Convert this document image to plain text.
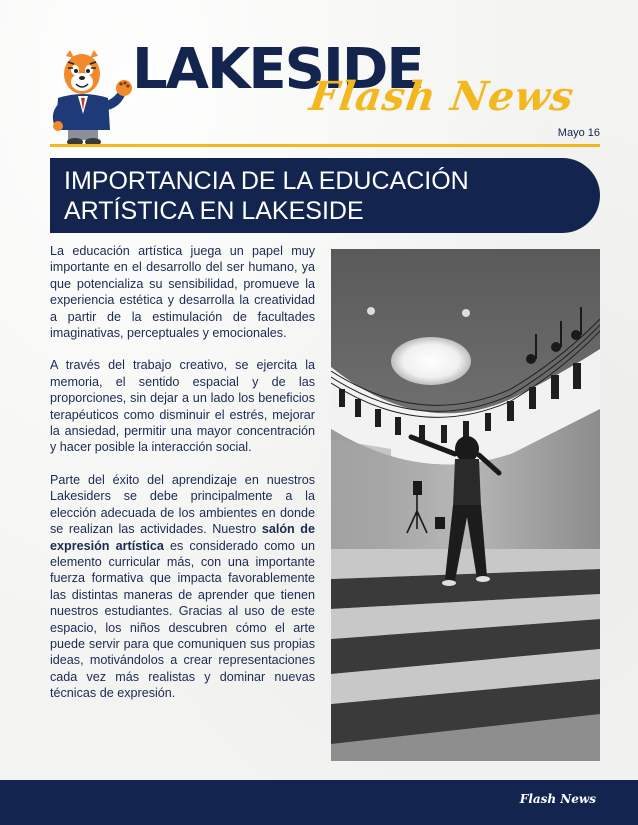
LAKESIDE
Flash News
Mayo 16
IMPORTANCIA DE LA EDUCACIÓN ARTÍSTICA EN LAKESIDE

La educación artística juega un papel muy importante en el desarrollo del ser humano, ya que potencializa su sensibilidad, promueve la experiencia estética y desarrolla la creatividad a partir de la estimulación de facultades imaginativas, perceptuales y emocionales.

A través del trabajo creativo, se ejercita la memoria, el sentido espacial y de las proporciones, sin dejar a un lado los beneficios terapéuticos como disminuir el estrés, mejorar la ansiedad, permitir una mayor concentración y hacer posible la interacción social.

Parte del éxito del aprendizaje en nuestros Lakesiders se debe principalmente a la elección adecuada de los ambientes en donde se realizan las actividades. Nuestro salón de expresión artística es considerado como un elemento curricular más, con una importante fuerza formativa que impacta favorablemente las distintas maneras de aprender que tienen nuestros estudiantes. Gracias al uso de este espacio, los niños descubren cómo el arte puede servir para que comuniquen sus propias ideas, motivándolos a crear representaciones cada vez más realistas y dominar nuevas técnicas de expresión.

Flash News
